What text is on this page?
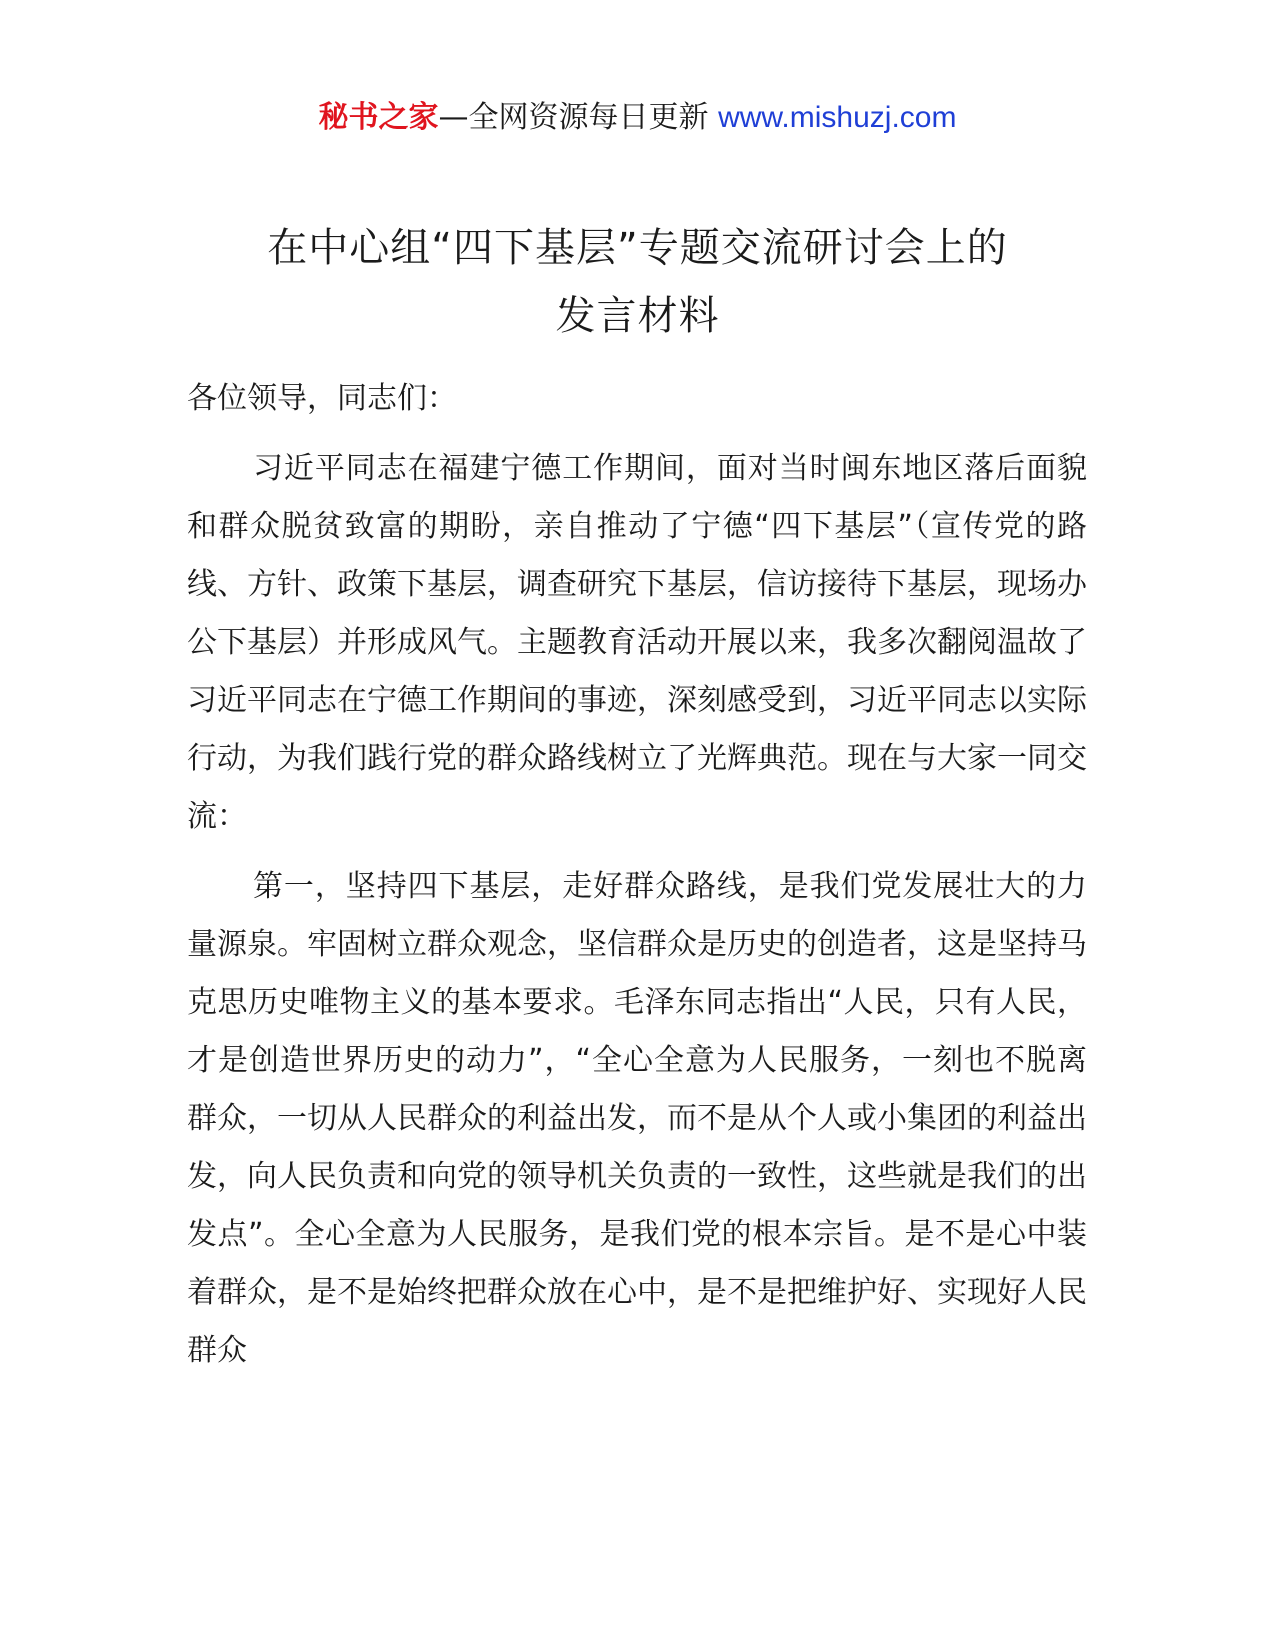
秘书之家—全网资源每日更新 www.mishuzj.com
在中心组“四下基层”专题交流研讨会上的
发言材料

各位领导，同志们：

习近平同志在福建宁德工作期间，面对当时闽东地区落后面貌和群众脱贫致富的期盼，亲自推动了宁德“四下基层”（宣传党的路线、方针、政策下基层，调查研究下基层，信访接待下基层，现场办公下基层）并形成风气。主题教育活动开展以来，我多次翻阅温故了习近平同志在宁德工作期间的事迹，深刻感受到，习近平同志以实际行动，为我们践行党的群众路线树立了光辉典范。现在与大家一同交流：

第一，坚持四下基层，走好群众路线，是我们党发展壮大的力量源泉。牢固树立群众观念，坚信群众是历史的创造者，这是坚持马克思历史唯物主义的基本要求。毛泽东同志指出“人民，只有人民，才是创造世界历史的动力”，“全心全意为人民服务，一刻也不脱离群众，一切从人民群众的利益出发，而不是从个人或小集团的利益出发，向人民负责和向党的领导机关负责的一致性，这些就是我们的出发点”。全心全意为人民服务，是我们党的根本宗旨。是不是心中装着群众，是不是始终把群众放在心中，是不是把维护好、实现好人民群众
